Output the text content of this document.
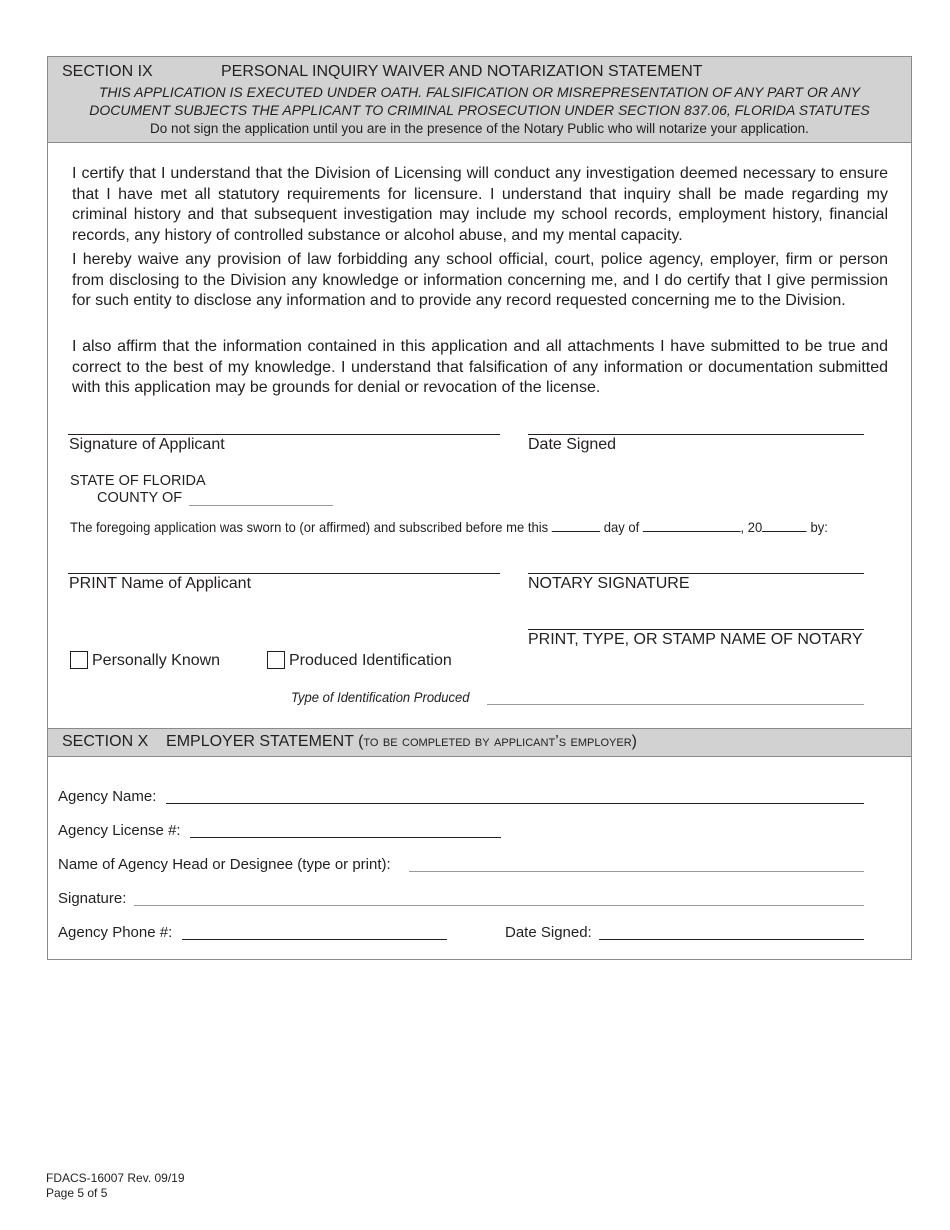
SECTION IX	PERSONAL INQUIRY WAIVER AND NOTARIZATION STATEMENT
THIS APPLICATION IS EXECUTED UNDER OATH. FALSIFICATION OR MISREPRESENTATION OF ANY PART OR ANY
DOCUMENT SUBJECTS THE APPLICANT TO CRIMINAL PROSECUTION UNDER SECTION 837.06, FLORIDA STATUTES
Do not sign the application until you are in the presence of the Notary Public who will notarize your application.

I certify that I understand that the Division of Licensing will conduct any investigation deemed necessary to ensure that I have met all statutory requirements for licensure. I understand that inquiry shall be made regarding my criminal history and that subsequent investigation may include my school records, employment history, financial records, any history of controlled substance or alcohol abuse, and my mental capacity.

I hereby waive any provision of law forbidding any school official, court, police agency, employer, firm or person from disclosing to the Division any knowledge or information concerning me, and I do certify that I give permission for such entity to disclose any information and to provide any record requested concerning me to the Division.

I also affirm that the information contained in this application and all attachments I have submitted to be true and correct to the best of my knowledge. I understand that falsification of any information or documentation submitted with this application may be grounds for denial or revocation of the license.

Signature of Applicant	Date Signed
STATE OF FLORIDA
COUNTY OF
The foregoing application was sworn to (or affirmed) and subscribed before me this	day of	, 20	by:
PRINT Name of Applicant	NOTARY SIGNATURE
PRINT, TYPE, OR STAMP NAME OF NOTARY
Personally Known	Produced Identification
Type of Identification Produced
SECTION X EMPLOYER STATEMENT (to be completed by applicant’s employer)
Agency Name:
Agency License #:
Name of Agency Head or Designee (type or print):
Signature:
Agency Phone #:	Date Signed:
FDACS-16007 Rev. 09/19
Page 5 of 5
